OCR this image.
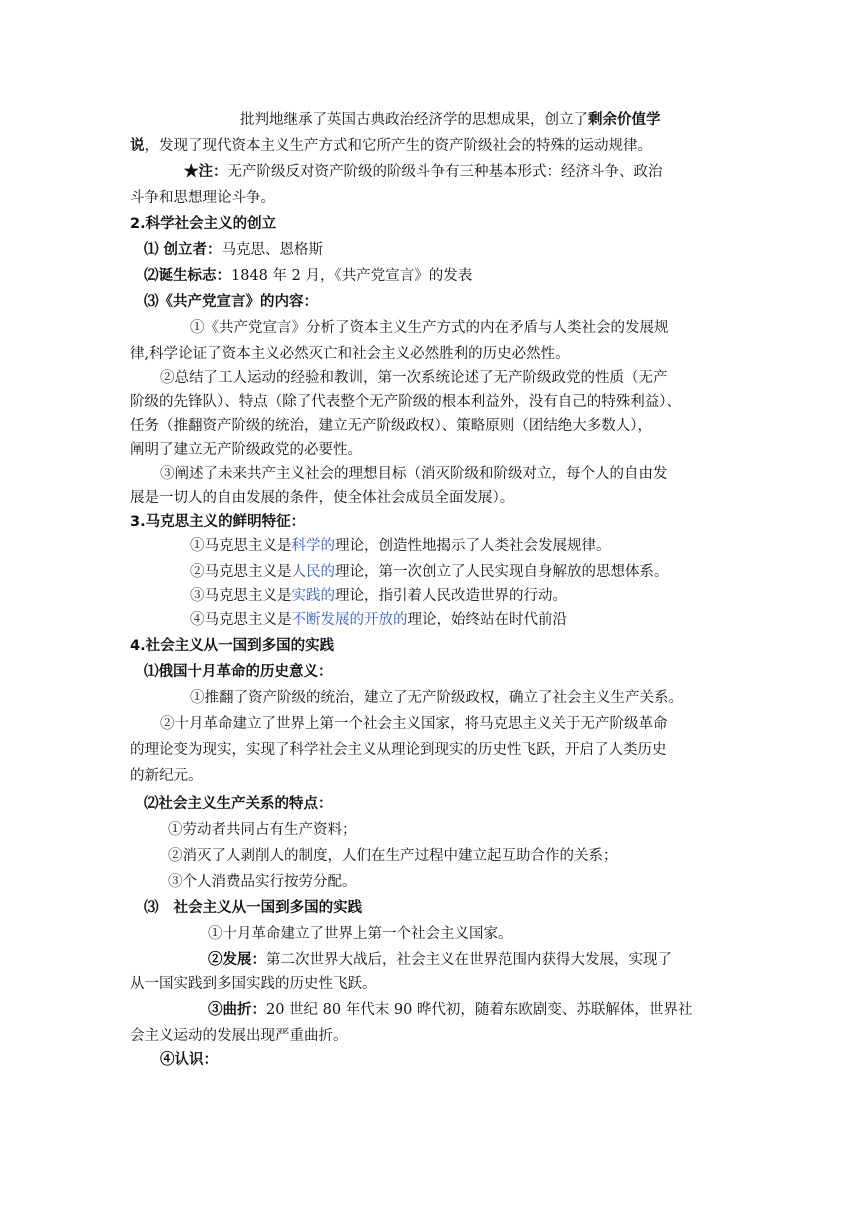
批判地继承了英国古典政治经济学的思想成果，创立了剩余价值学
说，发现了现代资本主义生产方式和它所产生的资产阶级社会的特殊的运动规律。
★注：无产阶级反对资产阶级的阶级斗争有三种基本形式：经济斗争、政治
斗争和思想理论斗争。
2.科学社会主义的创立
⑴ 创立者：马克思、恩格斯
⑵诞生标志：1848 年 2 月，《共产党宣言》的发表
⑶《共产党宣言》的内容：
①《共产党宣言》分析了资本主义生产方式的内在矛盾与人类社会的发展规
律,科学论证了资本主义必然灭亡和社会主义必然胜利的历史必然性。
②总结了工人运动的经验和教训，第一次系统论述了无产阶级政党的性质（无产
阶级的先锋队）、特点（除了代表整个无产阶级的根本利益外，没有自己的特殊利益）、
任务（推翻资产阶级的统治，建立无产阶级政权）、策略原则（团结绝大多数人），
阐明了建立无产阶级政党的必要性。
③阐述了未来共产主义社会的理想目标（消灭阶级和阶级对立，每个人的自由发
展是一切人的自由发展的条件，使全体社会成员全面发展）。
3.马克思主义的鲜明特征：
①马克思主义是科学的理论，创造性地揭示了人类社会发展规律。
②马克思主义是人民的理论，第一次创立了人民实现自身解放的思想体系。
③马克思主义是实践的理论，指引着人民改造世界的行动。
④马克思主义是不断发展的开放的理论，始终站在时代前沿
4.社会主义从一国到多国的实践
⑴俄国十月革命的历史意义：
①推翻了资产阶级的统治，建立了无产阶级政权，确立了社会主义生产关系。
②十月革命建立了世界上第一个社会主义国家，将马克思主义关于无产阶级革命
的理论变为现实，实现了科学社会主义从理论到现实的历史性飞跃，开启了人类历史
的新纪元。
⑵社会主义生产关系的特点：
①劳动者共同占有生产资料；
②消灭了人剥削人的制度，人们在生产过程中建立起互助合作的关系；
③个人消费品实行按劳分配。
⑶   社会主义从一国到多国的实践
①十月革命建立了世界上第一个社会主义国家。
②发展：第二次世界大战后，社会主义在世界范围内获得大发展，实现了
从一国实践到多国实践的历史性飞跃。
③曲折：20 世纪 80 年代末 90 晔代初，随着东欧剧变、苏联解体，世界社
会主义运动的发展出现严重曲折。
④认识：
